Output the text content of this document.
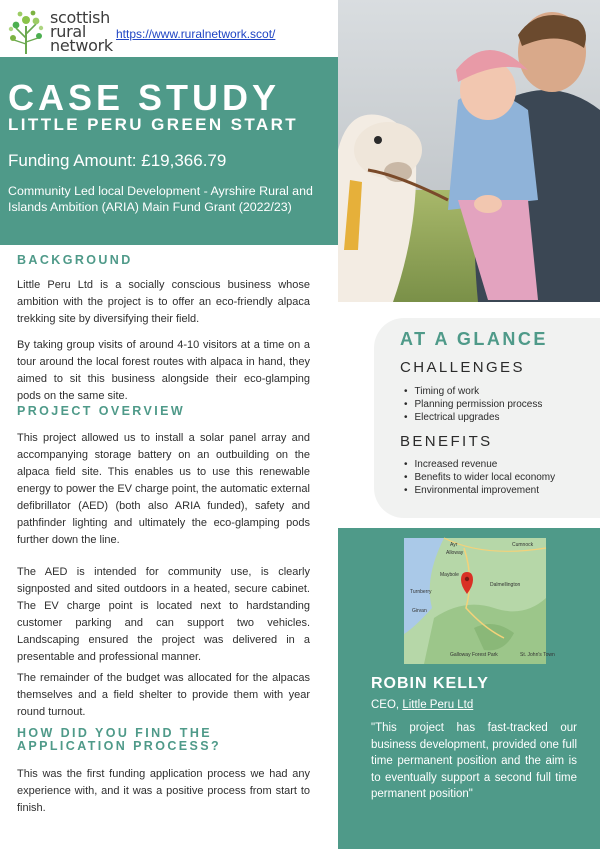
scottish
rural
network
https://www.ruralnetwork.scot/
CASE STUDY
LITTLE PERU GREEN START
Funding Amount: £19,366.79
Community Led local Development - Ayrshire Rural and Islands Ambition (ARIA) Main Fund Grant (2022/23)
BACKGROUND
Little Peru Ltd is a socially conscious business whose ambition with the project is to offer an eco-friendly alpaca trekking site by diversifying their field.
By taking group visits of around 4-10 visitors at a time on a tour around the local forest routes with alpaca in hand, they aimed to sit this business alongside their eco-glamping pods on the same site.
PROJECT OVERVIEW
This project allowed us to install a solar panel array and accompanying storage battery on an outbuilding on the alpaca field site. This enables us to use this renewable energy to power the EV charge point, the automatic external defibrillator (AED) (both also ARIA funded), safety and pathfinder lighting and ultimately the eco-glamping pods further down the line.
The AED is intended for community use, is clearly signposted and sited outdoors in a heated, secure cabinet. The EV charge point is located next to hardstanding customer parking and can support two vehicles. Landscaping ensured the project was delivered in a presentable and professional manner.
The remainder of the budget was allocated for the alpacas themselves and a field shelter to provide them with year round turnout.
HOW DID YOU FIND THE
APPLICATION PROCESS?
This was the first funding application process we had any experience with, and it was a positive process from start to finish.
AT A GLANCE
CHALLENGES
• Timing of work
• Planning permission process
• Electrical upgrades
BENEFITS
• Increased revenue
• Benefits to wider local economy
• Environmental improvement
Ayr	Cumnock
Alloway
Maybole
Dalmellington
Turnberry
Girvan
Galloway Forest Park	St. John's Town
ROBIN KELLY
CEO, Little Peru Ltd
"This project has fast-tracked our business development, provided one full time permanent position and the aim is to eventually support a second full time permanent position"
